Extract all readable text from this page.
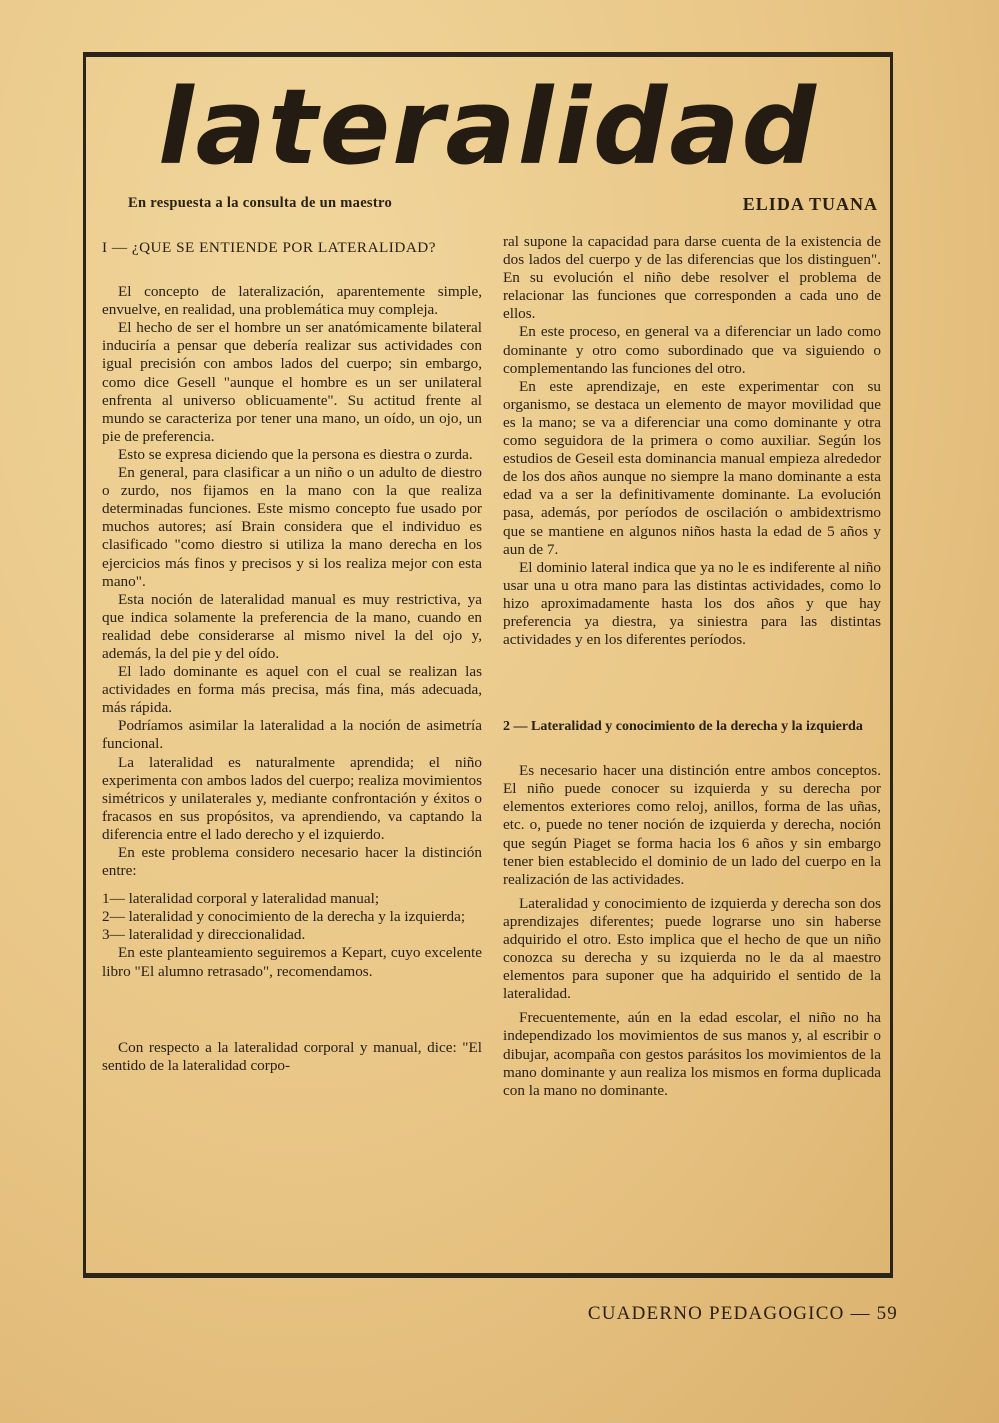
lateralidad
En respuesta a la consulta de un maestro	ELIDA TUANA

I — ¿QUE SE ENTIENDE POR LATERALIDAD?

El concepto de lateralización, aparentemente simple, envuelve, en realidad, una problemática muy compleja.

El hecho de ser el hombre un ser anatómicamente bilateral induciría a pensar que debería realizar sus actividades con igual precisión con ambos lados del cuerpo; sin embargo, como dice Gesell "aunque el hombre es un ser unilateral enfrenta al universo oblicuamente". Su actitud frente al mundo se caracteriza por tener una mano, un oído, un ojo, un pie de preferencia.

Esto se expresa diciendo que la persona es diestra o zurda.

En general, para clasificar a un niño o un adulto de diestro o zurdo, nos fijamos en la mano con la que realiza determinadas funciones. Este mismo concepto fue usado por muchos autores; así Brain considera que el individuo es clasificado "como diestro si utiliza la mano derecha en los ejercicios más finos y precisos y si los realiza mejor con esta mano".

Esta noción de lateralidad manual es muy restrictiva, ya que indica solamente la preferencia de la mano, cuando en realidad debe considerarse al mismo nivel la del ojo y, además, la del pie y del oído.

El lado dominante es aquel con el cual se realizan las actividades en forma más precisa, más fina, más adecuada, más rápida.

Podríamos asimilar la lateralidad a la noción de asimetría funcional.

La lateralidad es naturalmente aprendida; el niño experimenta con ambos lados del cuerpo; realiza movimientos simétricos y unilaterales y, mediante confrontación y éxitos o fracasos en sus propósitos, va aprendiendo, va captando la diferencia entre el lado derecho y el izquierdo.

En este problema considero necesario hacer la distinción entre:

1— lateralidad corporal y lateralidad manual;

2— lateralidad y conocimiento de la derecha y la izquierda;

3— lateralidad y direccionalidad.

En este planteamiento seguiremos a Kepart, cuyo excelente libro "El alumno retrasado", recomendamos.

Con respecto a la lateralidad corporal y manual, dice: "El sentido de la lateralidad corpo-

ral supone la capacidad para darse cuenta de la existencia de dos lados del cuerpo y de las diferencias que los distinguen". En su evolución el niño debe resolver el problema de relacionar las funciones que corresponden a cada uno de ellos.

En este proceso, en general va a diferenciar un lado como dominante y otro como subordinado que va siguiendo o complementando las funciones del otro.

En este aprendizaje, en este experimentar con su organismo, se destaca un elemento de mayor movilidad que es la mano; se va a diferenciar una como dominante y otra como seguidora de la primera o como auxiliar. Según los estudios de Geseil esta dominancia manual empieza alrededor de los dos años aunque no siempre la mano dominante a esta edad va a ser la definitivamente dominante. La evolución pasa, además, por períodos de oscilación o ambidextrismo que se mantiene en algunos niños hasta la edad de 5 años y aun de 7.

El dominio lateral indica que ya no le es indiferente al niño usar una u otra mano para las distintas actividades, como lo hizo aproximadamente hasta los dos años y que hay preferencia ya diestra, ya siniestra para las distintas actividades y en los diferentes períodos.

2 — Lateralidad y conocimiento de la derecha y la izquierda

Es necesario hacer una distinción entre ambos conceptos. El niño puede conocer su izquierda y su derecha por elementos exteriores como reloj, anillos, forma de las uñas, etc. o, puede no tener noción de izquierda y derecha, noción que según Piaget se forma hacia los 6 años y sin embargo tener bien establecido el dominio de un lado del cuerpo en la realización de las actividades.

Lateralidad y conocimiento de izquierda y derecha son dos aprendizajes diferentes; puede lograrse uno sin haberse adquirido el otro. Esto implica que el hecho de que un niño conozca su derecha y su izquierda no le da al maestro elementos para suponer que ha adquirido el sentido de la lateralidad.

Frecuentemente, aún en la edad escolar, el niño no ha independizado los movimientos de sus manos y, al escribir o dibujar, acompaña con gestos parásitos los movimientos de la mano dominante y aun realiza los mismos en forma duplicada con la mano no dominante.

CUADERNO PEDAGOGICO — 59
